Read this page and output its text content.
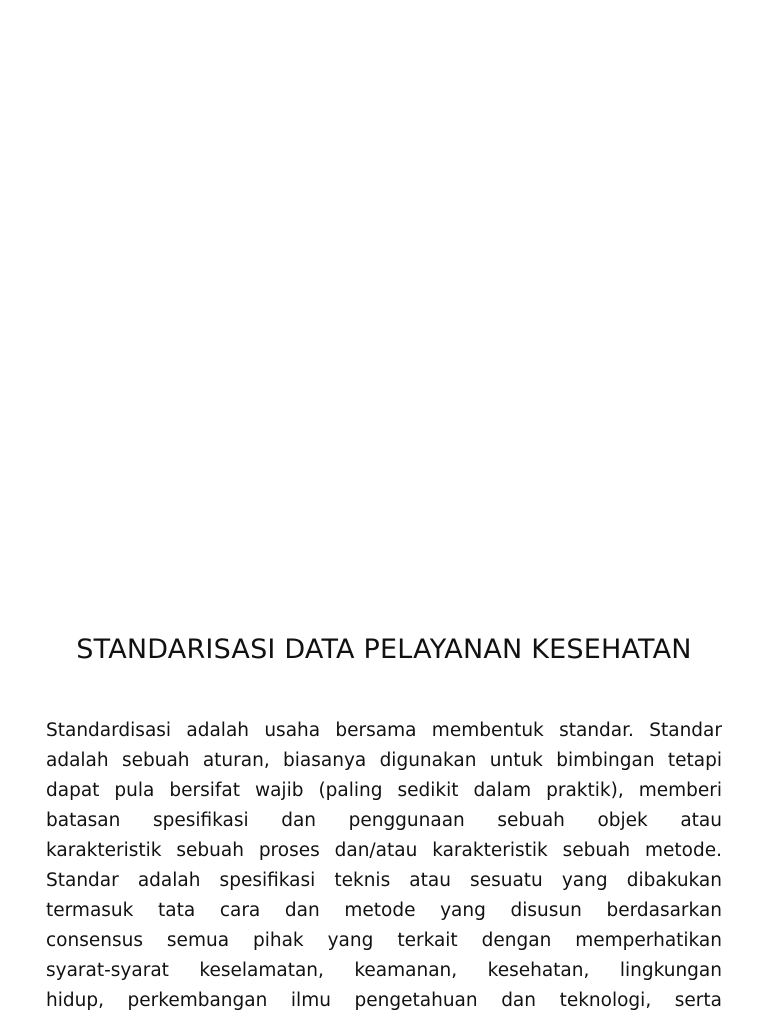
STANDARISASI DATA PELAYANAN KESEHATAN
Standardisasi adalah usaha bersama membentuk standar. Standar
adalah sebuah aturan, biasanya digunakan untuk bimbingan tetapi
dapat pula bersifat wajib (paling sedikit dalam praktik), memberi
batasan spesifikasi dan penggunaan sebuah objek atau
karakteristik sebuah proses dan/atau karakteristik sebuah metode.
Standar adalah spesifikasi teknis atau sesuatu yang dibakukan
termasuk tata cara dan metode yang disusun berdasarkan
consensus semua pihak yang terkait dengan memperhatikan
syarat-syarat keselamatan, keamanan, kesehatan, lingkungan
hidup, perkembangan ilmu pengetahuan dan teknologi, serta
